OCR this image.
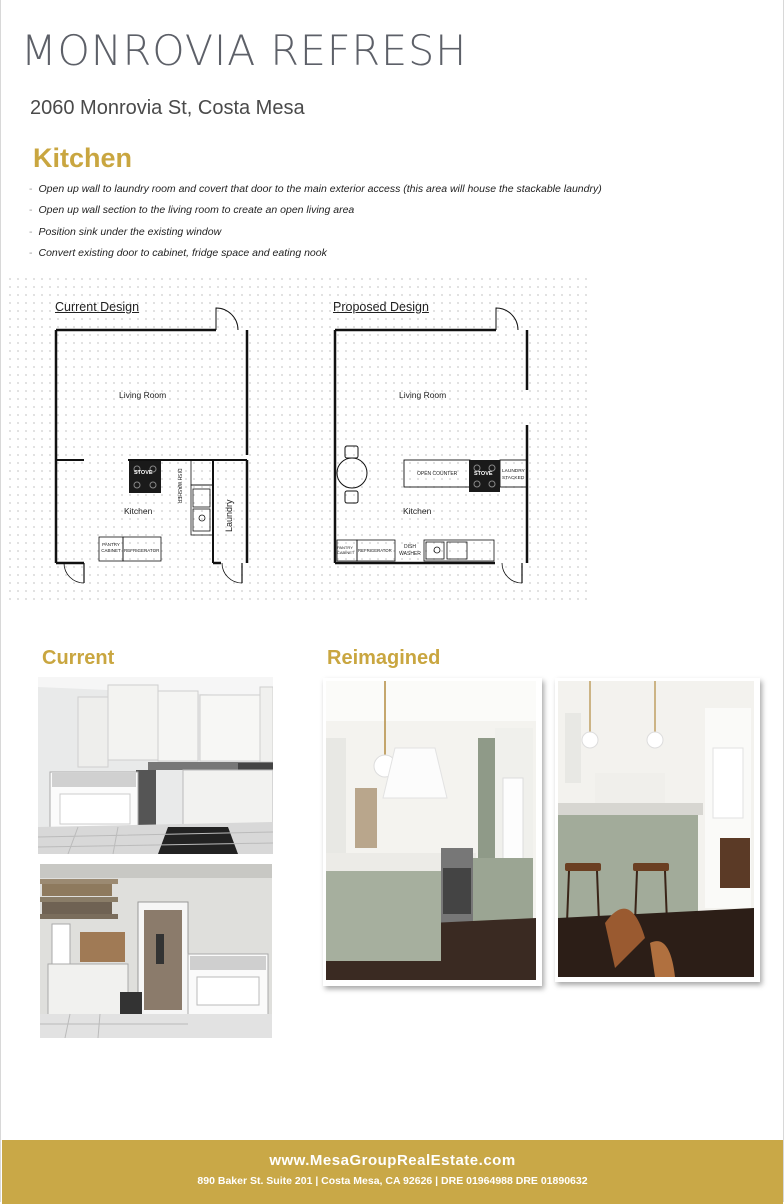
MONROVIA REFRESH
2060 Monrovia St, Costa Mesa
Kitchen
- Open up wall to laundry room and covert that door to the main exterior access (this area will house the stackable laundry)
- Open up wall section to the living room to create an open living area
- Position sink under the existing window
- Convert existing door to cabinet, fridge space and eating nook
Current Design	Proposed Design
Living Room
Kitchen
STOVE	DISH WASHER
Laundry
PANTRY CABINET REFRIGERATOR
Living Room
Kitchen
OPEN COUNTER	STOVE LAUNDRY STACKED
PANTRY CABINET REFRIGERATOR
DISH WASHER
Current	Reimagined
www.MesaGroupRealEstate.com
890 Baker St. Suite 201 | Costa Mesa, CA 92626 | DRE 01964988 DRE 01890632
